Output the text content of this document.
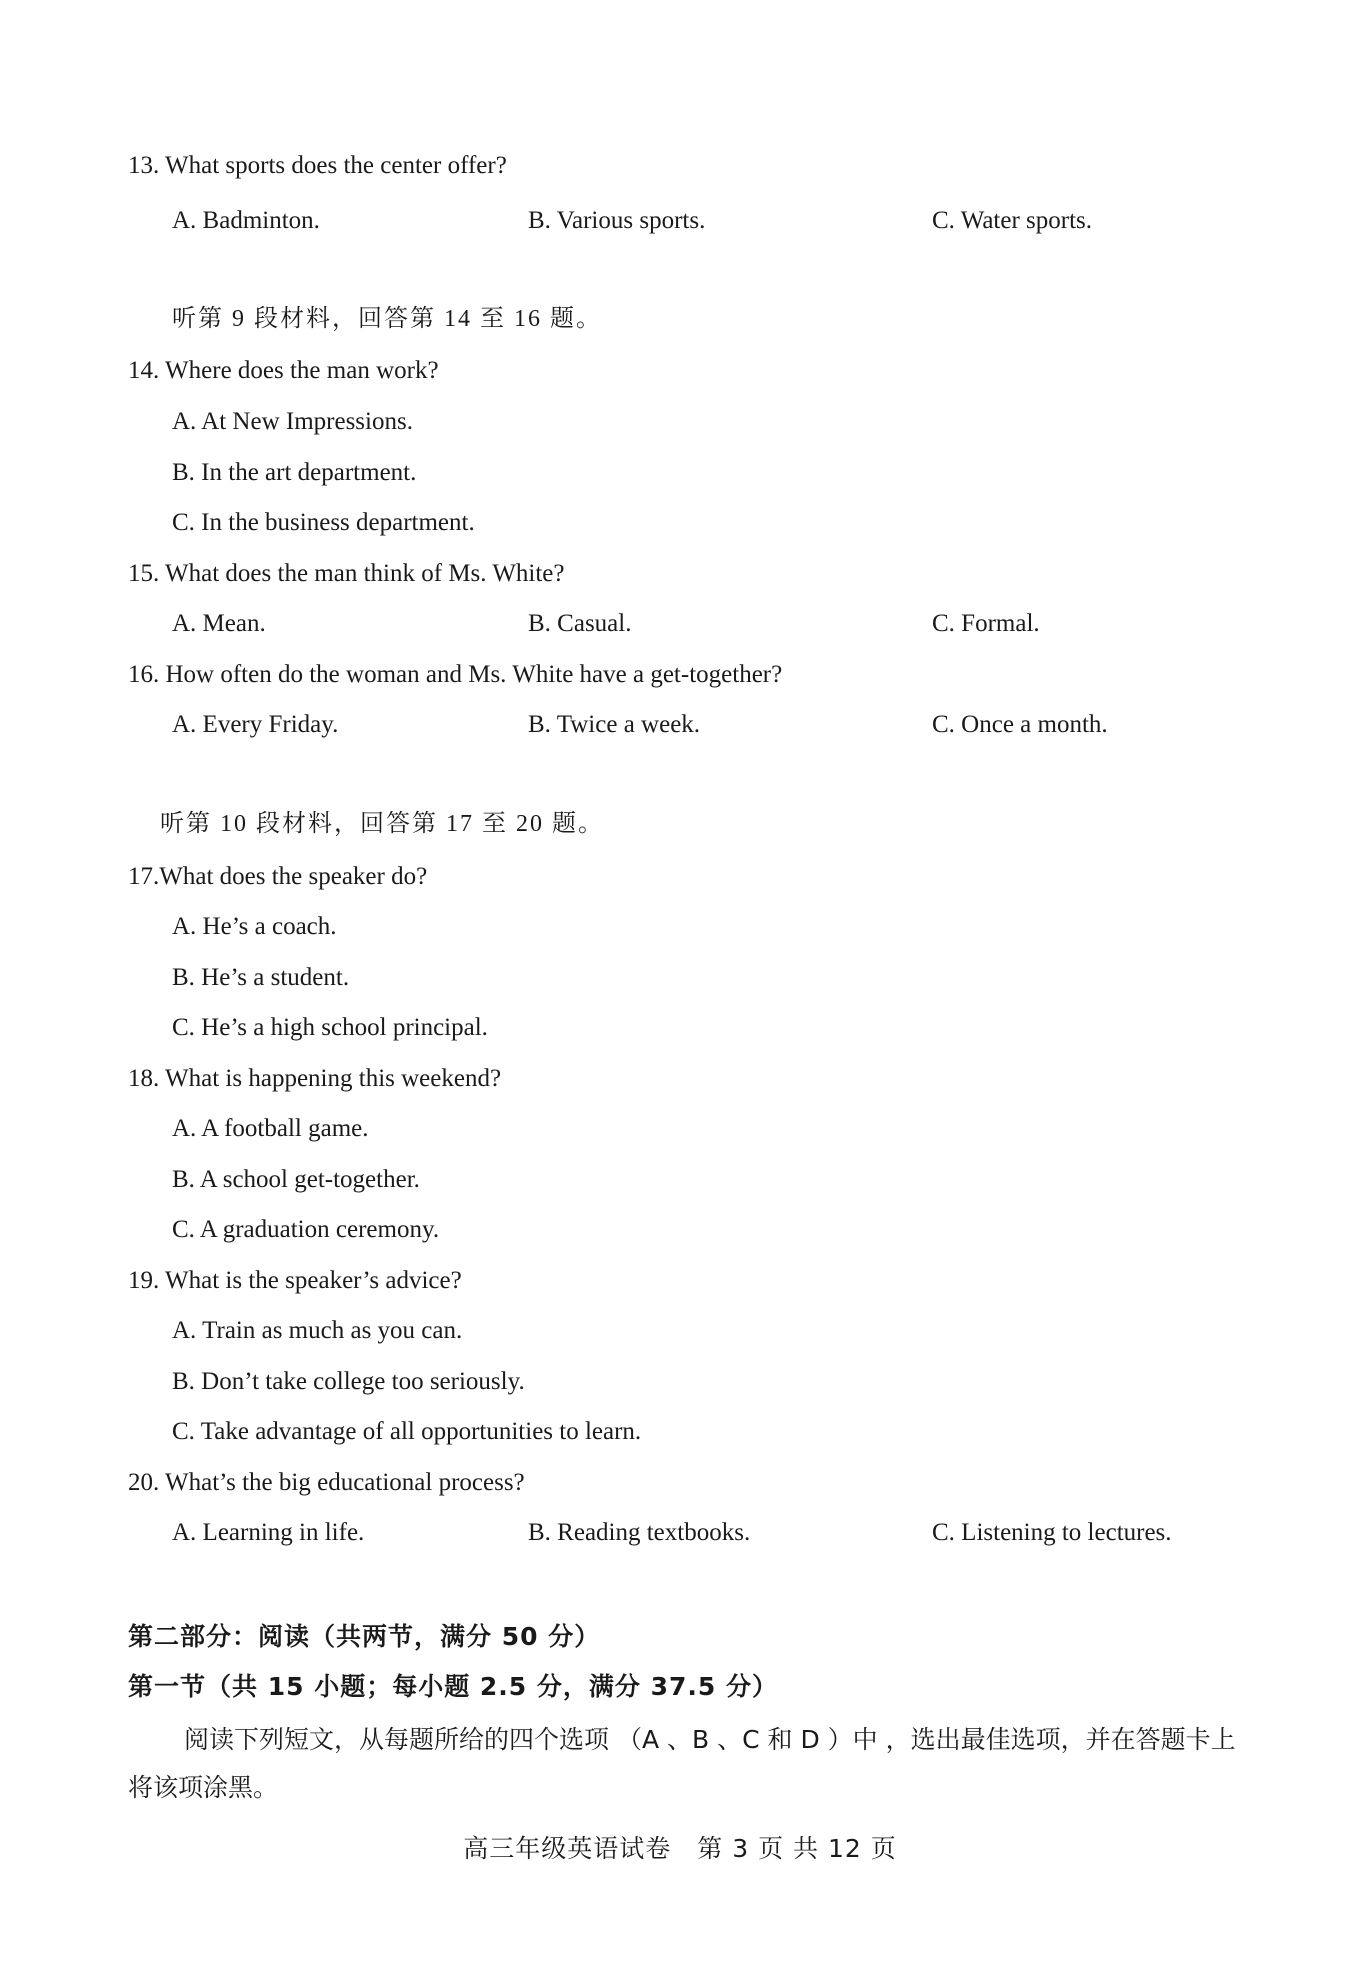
13. What sports does the center offer?
A. Badminton.	B. Various sports.	C. Water sports.
听第 9 段材料，回答第 14 至 16 题。
14. Where does the man work?
A. At New Impressions.
B. In the art department.
C. In the business department.
15. What does the man think of Ms. White?
A. Mean.	B. Casual.	C. Formal.
16. How often do the woman and Ms. White have a get-together?
A. Every Friday.	B. Twice a week.	C. Once a month.
听第 10 段材料，回答第 17 至 20 题。
17.What does the speaker do?
A. He’s a coach.
B. He’s a student.
C. He’s a high school principal.
18. What is happening this weekend?
A. A football game.
B. A school get-together.
C. A graduation ceremony.
19. What is the speaker’s advice?
A. Train as much as you can.
B. Don’t take college too seriously.
C. Take advantage of all opportunities to learn.
20. What’s the big educational process?
A. Learning in life.	B. Reading textbooks.	C. Listening to lectures.
第二部分：阅读（共两节，满分 50 分）
第一节（共 15 小题；每小题 2.5 分，满分 37.5 分）
阅读下列短文，从每题所给的四个选项 （A 、B 、C 和 D ）中 ，选出最佳选项，并在答题卡上将该项涂黑。
高三年级英语试卷　第 3 页 共 12 页
